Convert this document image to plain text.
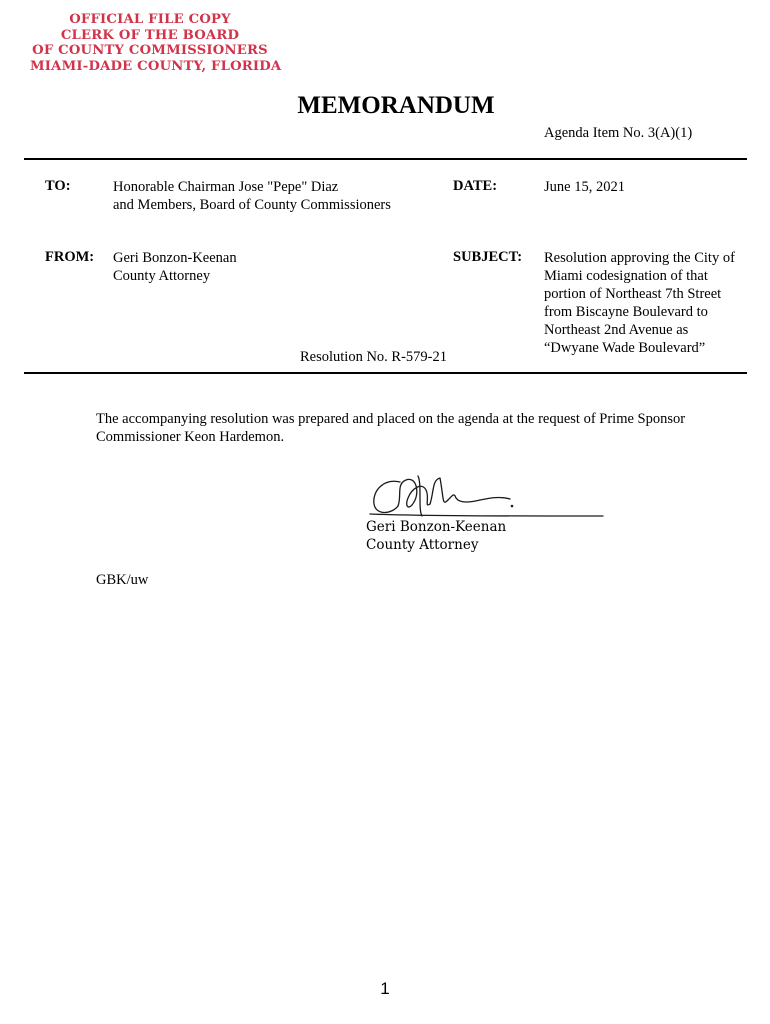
OFFICIAL FILE COPY
CLERK OF THE BOARD
OF COUNTY COMMISSIONERS
MIAMI-DADE COUNTY, FLORIDA
MEMORANDUM
Agenda Item No. 3(A)(1)
TO:	Honorable Chairman Jose "Pepe" Diaz
and Members, Board of County Commissioners
DATE:	June 15, 2021
FROM: Geri Bonzon-Keenan
County Attorney
SUBJECT: Resolution approving the City of
Miami codesignation of that
portion of Northeast 7th Street
from Biscayne Boulevard to
Northeast 2nd Avenue as
“Dwyane Wade Boulevard”
Resolution No. R-579-21
The accompanying resolution was prepared and placed on the agenda at the request of Prime Sponsor
Commissioner Keon Hardemon.
Geri Bonzon-Keenan
County Attorney
GBK/uw
1
